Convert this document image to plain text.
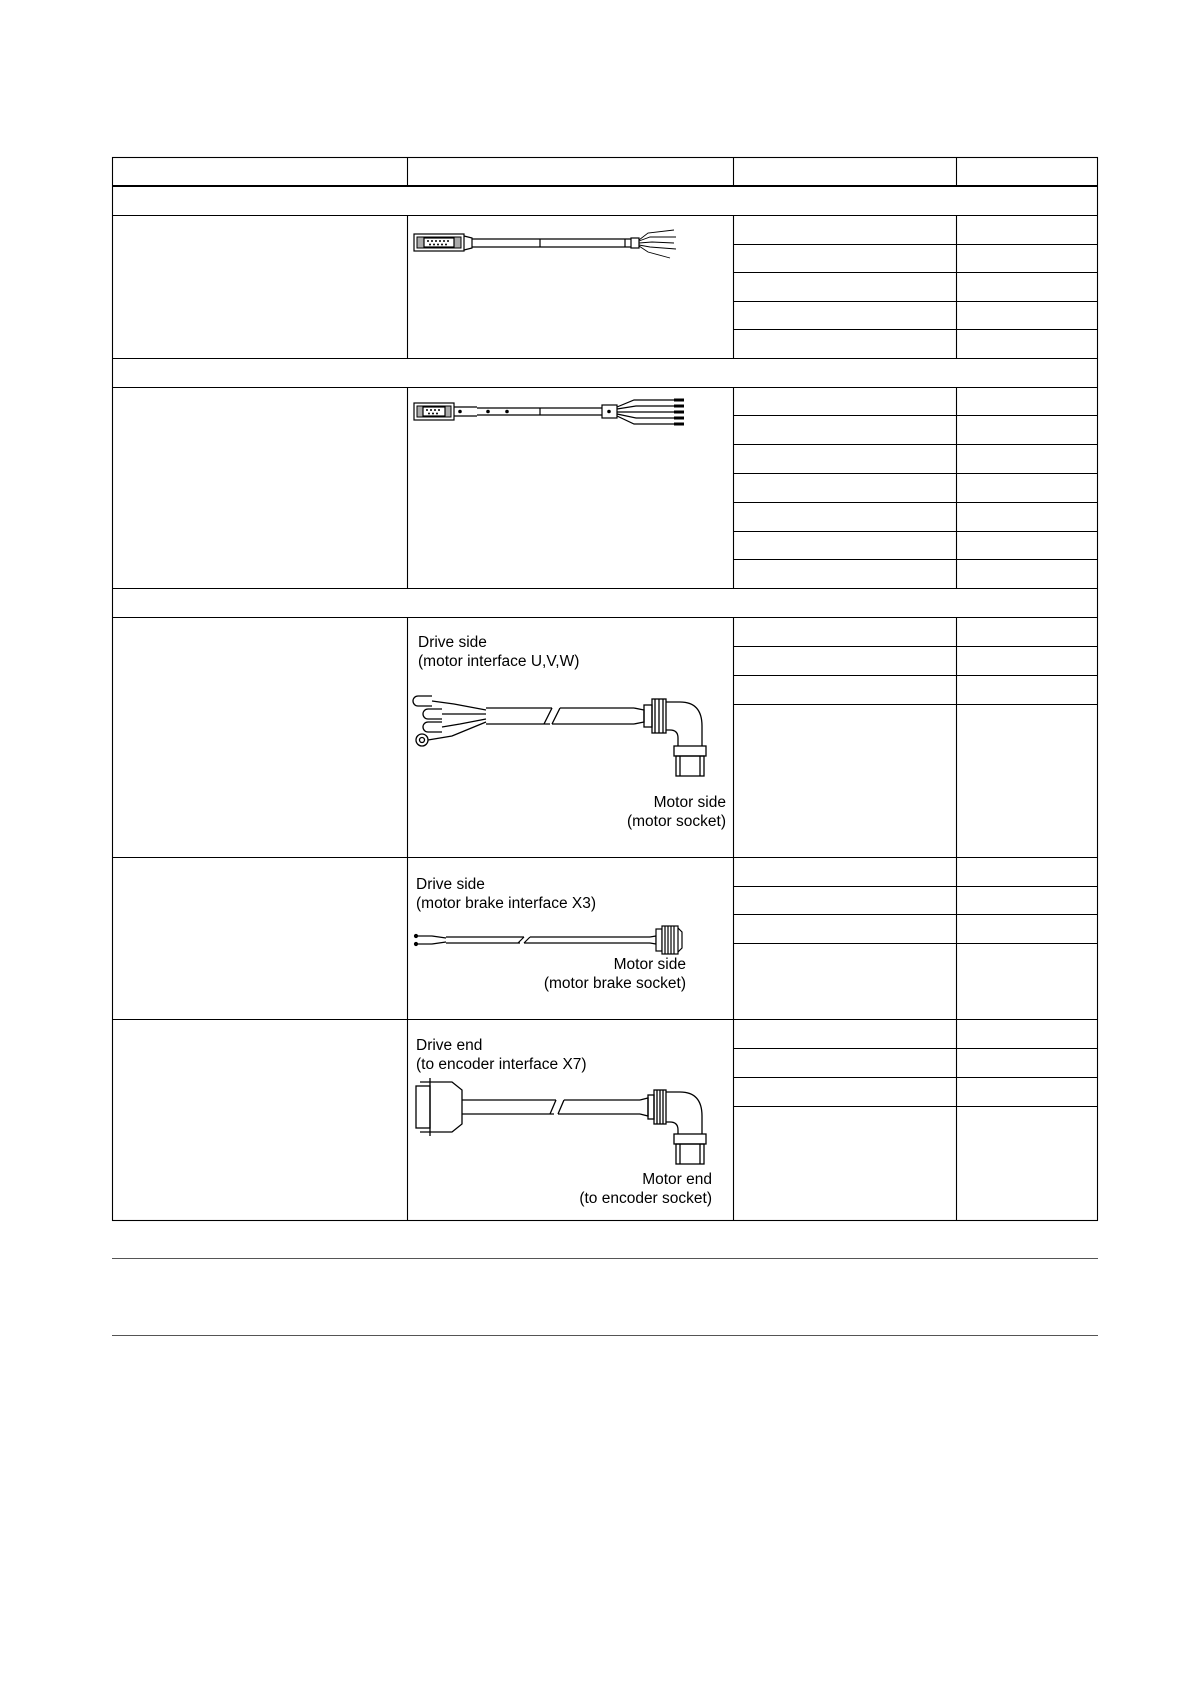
Drive side
(motor interface U,V,W)
Motor side
(motor socket)
Drive side
(motor brake interface X3)
Motor side
(motor brake socket)
Drive end
(to encoder interface X7)
Motor end
(to encoder socket)
